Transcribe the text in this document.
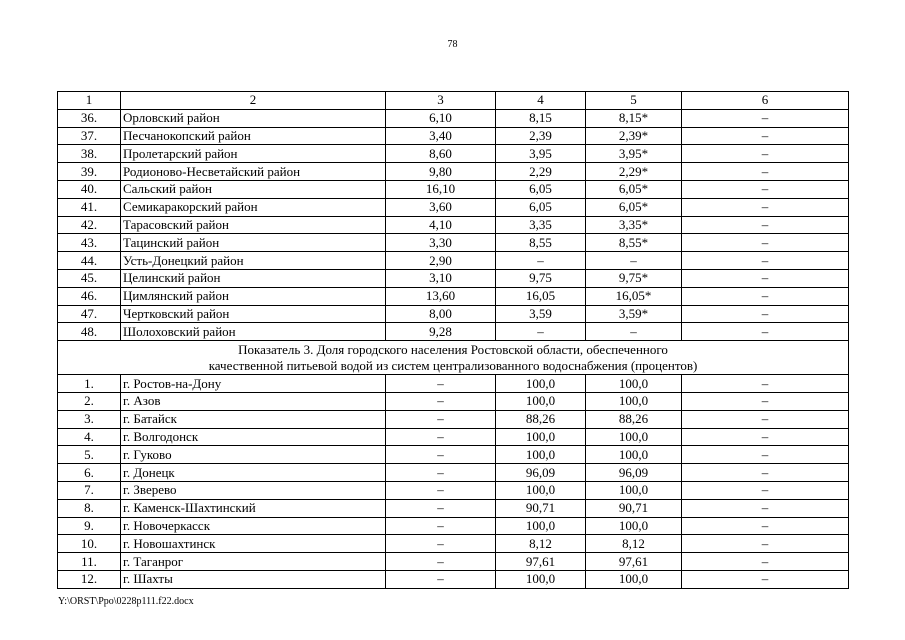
78
1	2	3	4	5	6
36.	Орловский район	6,10	8,15	8,15*	–
37.	Песчанокопский район	3,40	2,39	2,39*	–
38.	Пролетарский район	8,60	3,95	3,95*	–
39.	Родионово-Несветайский район	9,80	2,29	2,29*	–
40.	Сальский район	16,10	6,05	6,05*	–
41.	Семикаракорский район	3,60	6,05	6,05*	–
42.	Тарасовский район	4,10	3,35	3,35*	–
43.	Тацинский район	3,30	8,55	8,55*	–
44.	Усть-Донецкий район	2,90	–	–	–
45.	Целинский район	3,10	9,75	9,75*	–
46.	Цимлянский район	13,60	16,05	16,05*	–
47.	Чертковский район	8,00	3,59	3,59*	–
48.	Шолоховский район	9,28	–	–	–

Показатель 3. Доля городского населения Ростовской области, обеспеченного
качественной питьевой водой из систем централизованного водоснабжения (процентов)					

1.	г. Ростов-на-Дону	–	100,0	100,0	–
2.	г. Азов	–	100,0	100,0	–
3.	г. Батайск	–	88,26	88,26	–
4.	г. Волгодонск	–	100,0	100,0	–
5.	г. Гуково	–	100,0	100,0	–
6.	г. Донецк	–	96,09	96,09	–
7.	г. Зверево	–	100,0	100,0	–
8.	г. Каменск-Шахтинский	–	90,71	90,71	–
9.	г. Новочеркасск	–	100,0	100,0	–
10.	г. Новошахтинск	–	8,12	8,12	–
11.	г. Таганрог	–	97,61	97,61	–
12.	г. Шахты	–	100,0	100,0	–
Y:\ORST\Ppo\0228p111.f22.docx
